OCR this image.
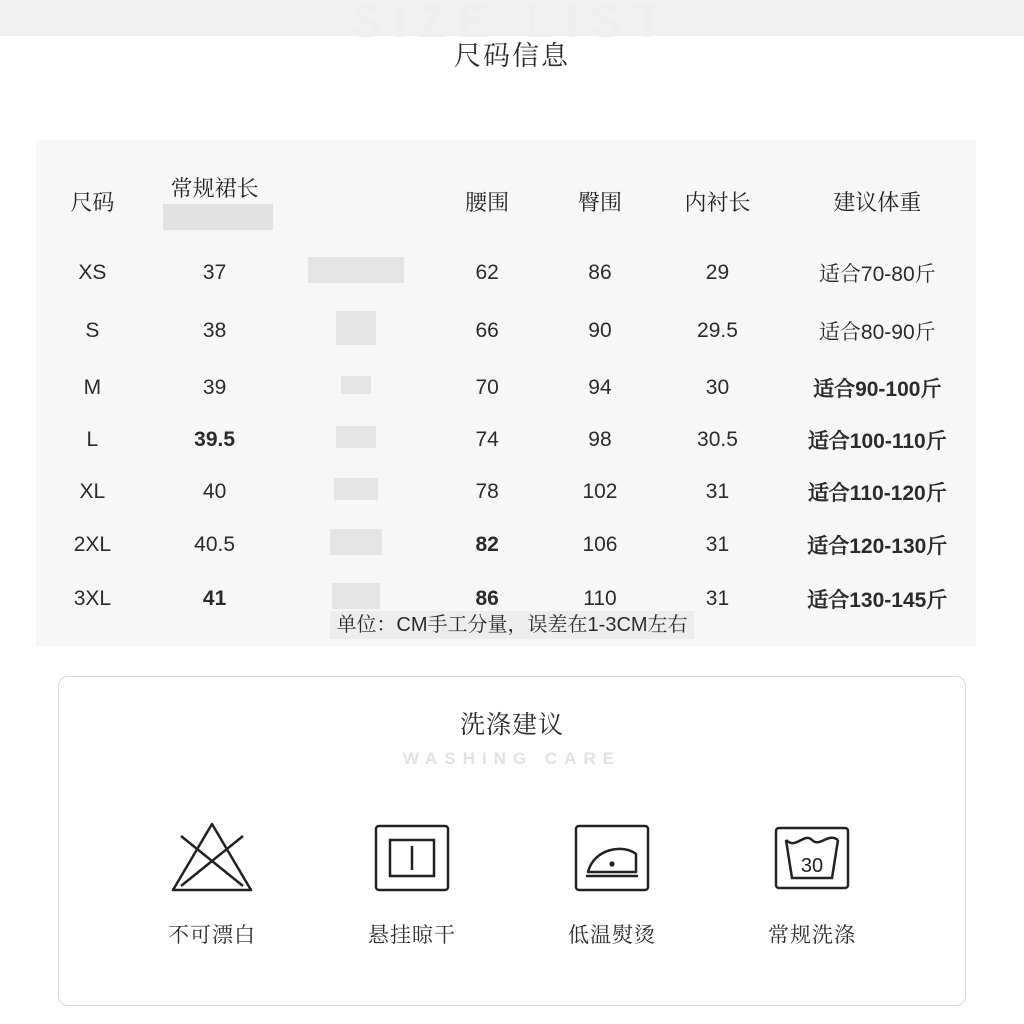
SIZE LIST
尺码信息
尺码	常规裙长		腰围	臀围	内衬长	建议体重
XS	37		62	86	29	适合70-80斤
S	38		66	90	29.5	适合80-90斤
M	39		70	94	30	适合90-100斤
L	39.5		74	98	30.5	适合100-110斤
XL	40		78	102	31	适合110-120斤
2XL	40.5		82	106	31	适合120-130斤
3XL	41		86	110	31	适合130-145斤
单位：CM手工分量，误差在1-3CM左右
洗涤建议
WASHING CARE
不可漂白	悬挂晾干	低温熨烫
30
常规洗涤
